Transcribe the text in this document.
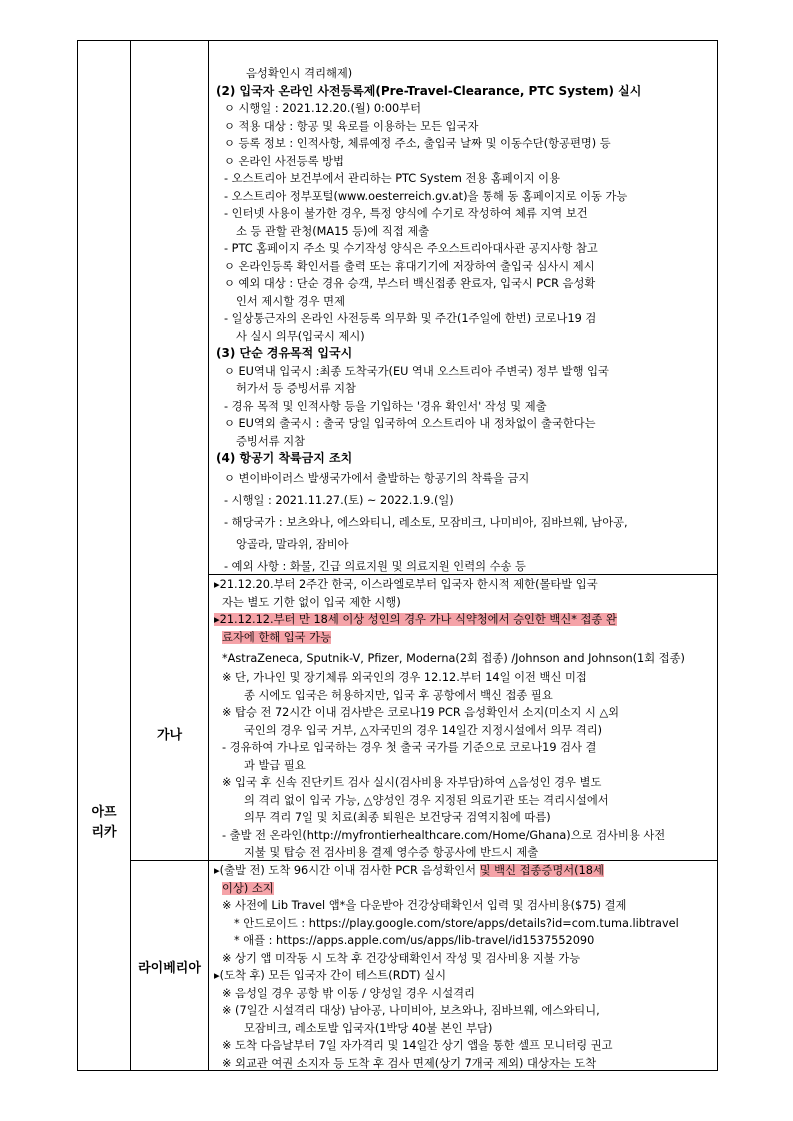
아프
리카
가나
라이베리아
음성확인시 격리해제)
(2) 입국자 온라인 사전등록제(Pre-Travel-Clearance, PTC System) 실시
ㅇ 시행일 : 2021.12.20.(월) 0:00부터
ㅇ 적용 대상 : 항공 및 육로를 이용하는 모든 입국자
ㅇ 등록 정보 : 인적사항, 체류예정 주소, 출입국 날짜 및 이동수단(항공편명) 등
ㅇ 온라인 사전등록 방법
- 오스트리아 보건부에서 관리하는 PTC System 전용 홈페이지 이용
- 오스트리아 정부포털(www.oesterreich.gv.at)을 통해 동 홈페이지로 이동 가능
- 인터넷 사용이 불가한 경우, 특정 양식에 수기로 작성하여 체류 지역 보건
소 등 관할 관청(MA15 등)에 직접 제출
- PTC 홈페이지 주소 및 수기작성 양식은 주오스트리아대사관 공지사항 참고
ㅇ 온라인등록 확인서를 출력 또는 휴대기기에 저장하여 출입국 심사시 제시
ㅇ 예외 대상 : 단순 경유 승객, 부스터 백신접종 완료자, 입국시 PCR 음성확
인서 제시할 경우 면제
- 일상통근자의 온라인 사전등록 의무화 및 주간(1주일에 한번) 코로나19 검
사 실시 의무(입국시 제시)
(3) 단순 경유목적 입국시
ㅇ EU역내 입국시 :최종 도착국가(EU 역내 오스트리아 주변국) 정부 발행 입국
허가서 등 증빙서류 지참
- 경유 목적 및 인적사항 등을 기입하는 '경유 확인서' 작성 및 제출
ㅇ EU역외 출국시 : 출국 당일 입국하여 오스트리아 내 정차없이 출국한다는
증빙서류 지참
(4) 항공기 착륙금지 조치
ㅇ 변이바이러스 발생국가에서 출발하는 항공기의 착륙을 금지
- 시행일 : 2021.11.27.(토) ~ 2022.1.9.(일)
- 해당국가 : 보츠와나, 에스와티니, 레소토, 모잠비크, 나미비아, 짐바브웨, 남아공,
앙골라, 말라위, 잠비아
- 예외 사항 : 화물, 긴급 의료지원 및 의료지원 인력의 수송 등
▸21.12.20.부터 2주간 한국, 이스라엘로부터 입국자 한시적 제한(몰타발 입국
자는 별도 기한 없이 입국 제한 시행)
▸21.12.12.부터 만 18세 이상 성인의 경우 가나 식약청에서 승인한 백신* 접종 완
료자에 한해 입국 가능
*AstraZeneca, Sputnik-V, Pfizer, Moderna(2회 접종) /Johnson and Johnson(1회 접종)
※ 단, 가나인 및 장기체류 외국인의 경우 12.12.부터 14일 이전 백신 미접
종 시에도 입국은 허용하지만, 입국 후 공항에서 백신 접종 필요
※ 탑승 전 72시간 이내 검사받은 코로나19 PCR 음성확인서 소지(미소지 시 △외
국인의 경우 입국 거부, △자국민의 경우 14일간 지정시설에서 의무 격리)
- 경유하여 가나로 입국하는 경우 첫 출국 국가를 기준으로 코로나19 검사 결
과 발급 필요
※ 입국 후 신속 진단키트 검사 실시(검사비용 자부담)하여 △음성인 경우 별도
의 격리 없이 입국 가능, △양성인 경우 지정된 의료기관 또는 격리시설에서
의무 격리 7일 및 치료(최종 퇴원은 보건당국 검역지침에 따름)
- 출발 전 온라인(http://myfrontierhealthcare.com/Home/Ghana)으로 검사비용 사전
지불 및 탑승 전 검사비용 결제 영수증 항공사에 반드시 제출
▸(출발 전) 도착 96시간 이내 검사한 PCR 음성확인서 및 백신 접종증명서(18세
이상) 소지
※ 사전에 Lib Travel 앱*을 다운받아 건강상태확인서 입력 및 검사비용($75) 결제
* 안드로이드 : https://play.google.com/store/apps/details?id=com.tuma.libtravel
* 애플 : https://apps.apple.com/us/apps/lib-travel/id1537552090
※ 상기 앱 미작동 시 도착 후 건강상태확인서 작성 및 검사비용 지불 가능
▸(도착 후) 모든 입국자 간이 테스트(RDT) 실시
※ 음성일 경우 공항 밖 이동 / 양성일 경우 시설격리
※ (7일간 시설격리 대상) 남아공, 나미비아, 보츠와나, 짐바브웨, 에스와티니,
모잠비크, 레소토발 입국자(1박당 40불 본인 부담)
※ 도착 다음날부터 7일 자가격리 및 14일간 상기 앱을 통한 셀프 모니터링 권고
※ 외교관 여권 소지자 등 도착 후 검사 면제(상기 7개국 제외) 대상자는 도착
